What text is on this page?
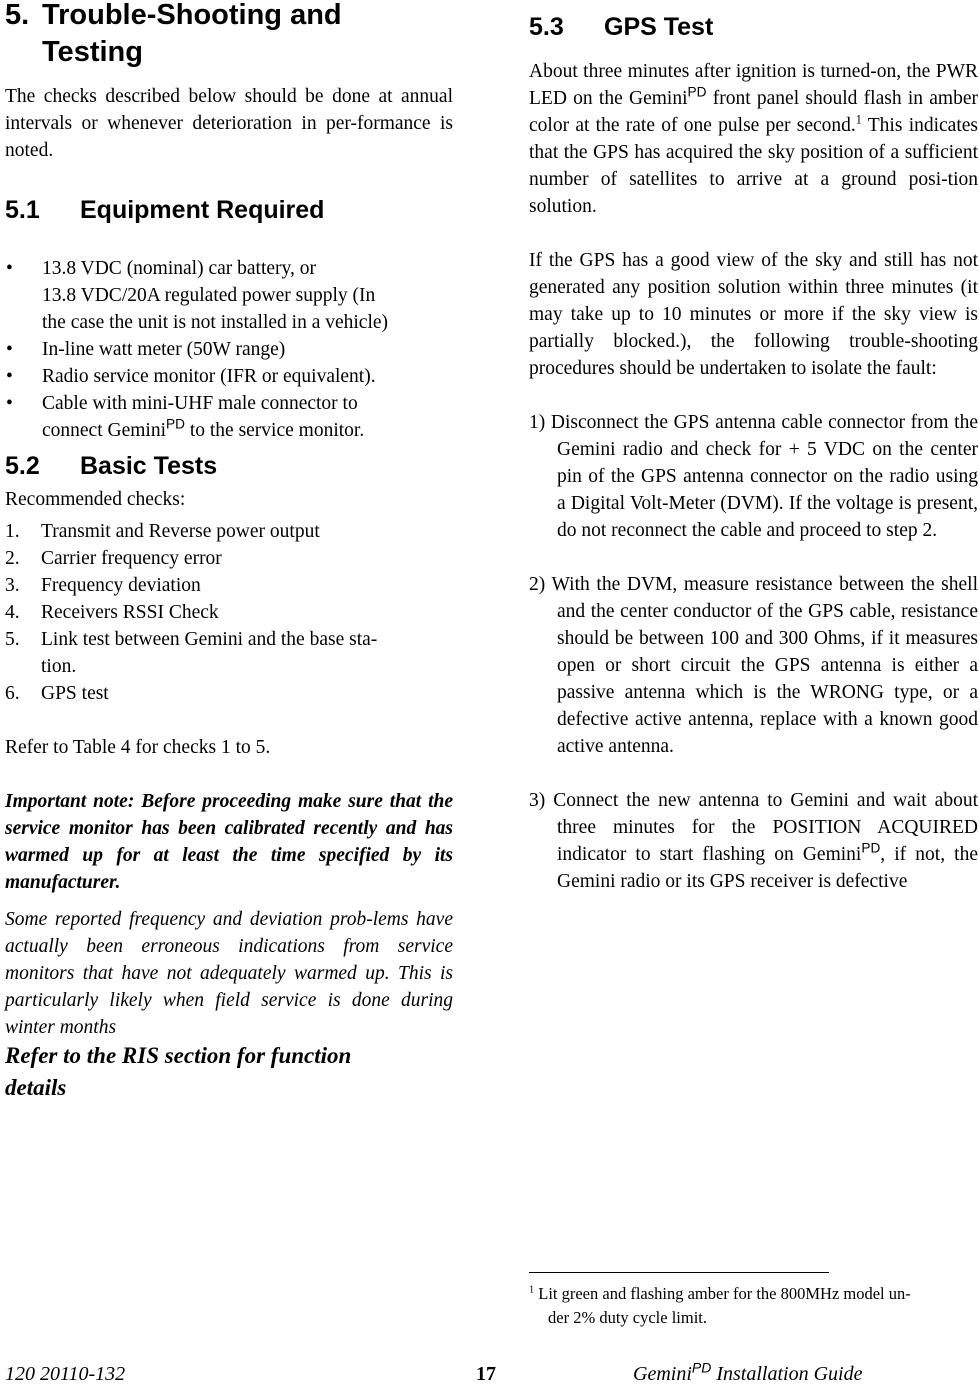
5. Trouble-Shooting and
Testing

The checks described below should be done at annual intervals or whenever deterioration in per-formance is noted.

5.1	Equipment Required
•	13.8 VDC (nominal) car battery, or
13.8 VDC/20A regulated power supply (In
the case the unit is not installed in a vehicle)
•	In-line watt meter (50W range)
•	Radio service monitor (IFR or equivalent).
•	Cable with mini-UHF male connector to
connect Gemini$^{PD}$ to the service monitor.
5.2	Basic Tests

Recommended checks:

1.	Transmit and Reverse power output
2.	Carrier frequency error
3.	Frequency deviation
4.	Receivers RSSI Check
5.	Link test between Gemini and the base sta-
tion.
6.	GPS test

Refer to Table 4 for checks 1 to 5.

Important note: Before proceeding make sure that the service monitor has been calibrated recently and has warmed up for at least the time specified by its manufacturer.

Some reported frequency and deviation prob-lems have actually been erroneous indications from service monitors that have not adequately warmed up. This is particularly likely when field service is done during winter months

Refer to the RIS section for function
details

5.3	GPS Test

About three minutes after ignition is turned-on, the PWR LED on the Gemini$^{PD}$ front panel should flash in amber color at the rate of one pulse per second.$^1$ This indicates that the GPS has acquired the sky position of a sufficient number of satellites to arrive at a ground posi-tion solution.

If the GPS has a good view of the sky and still has not generated any position solution within three minutes (it may take up to 10 minutes or more if the sky view is partially blocked.), the following trouble-shooting procedures should be undertaken to isolate the fault:

1) Disconnect the GPS antenna cable connector from the Gemini radio and check for + 5 VDC on the center pin of the GPS antenna connector on the radio using a Digital Volt-Meter (DVM). If the voltage is present, do not reconnect the cable and proceed to step 2.

2) With the DVM, measure resistance between the shell and the center conductor of the GPS cable, resistance should be between 100 and 300 Ohms, if it measures open or short circuit the GPS antenna is either a passive antenna which is the WRONG type, or a defective active antenna, replace with a known good active antenna.

3) Connect the new antenna to Gemini and wait about three minutes for the POSITION ACQUIRED indicator to start flashing on Gemini$^{PD}$, if not, the Gemini radio or its GPS receiver is defective

$^1$ Lit green and flashing amber for the 800MHz model un-
der 2% duty cycle limit.
120 20110-132	17	Gemini$^{PD}$ Installation Guide
